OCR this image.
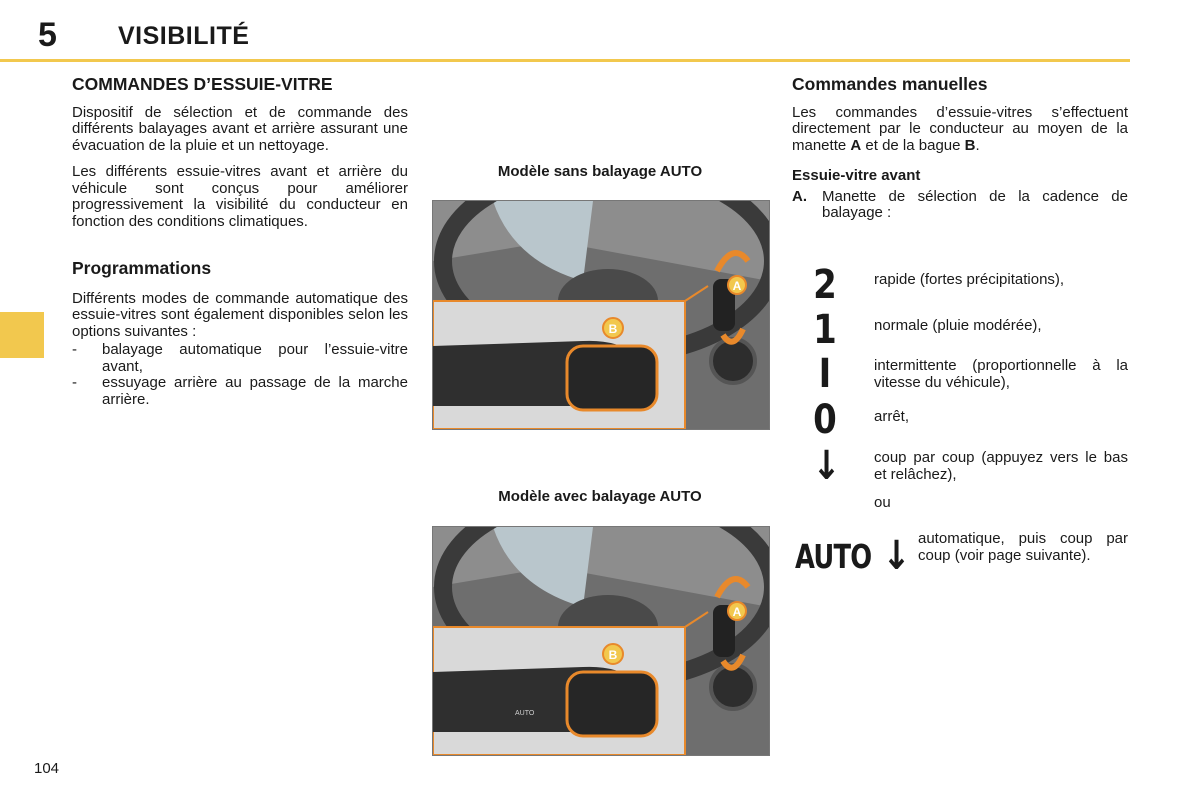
5 VISIBILITÉ
COMMANDES D’ESSUIE-VITRE

Dispositif de sélection et de commande des différents balayages avant et arrière assurant une évacuation de la pluie et un nettoyage.

Les différents essuie-vitres avant et arrière du véhicule sont conçus pour améliorer progressivement la visibilité du conducteur en fonction des conditions climatiques.

Programmations

Différents modes de commande automatique des essuie-vitres sont également disponibles selon les options suivantes :

- balayage automatique pour l’essuie-vitre avant,
- essuyage arrière au passage de la marche arrière.
Modèle sans balayage AUTO
Modèle avec balayage AUTO
A
B
A
AUTO
B
Commandes manuelles

Les commandes d’essuie-vitres s’effectuent directement par le conducteur au moyen de la manette A et de la bague B.

Essuie-vitre avant
A. Manette de sélection de la cadence de balayage :
2 rapide (fortes précipitations),
1 normale (pluie modérée),
I	intermittente (proportionnelle à la vitesse du véhicule),
0 arrêt,
↓ coup par coup (appuyez vers le bas et relâchez),
ou
AUTO ↓ automatique, puis coup par coup (voir page suivante).
104
